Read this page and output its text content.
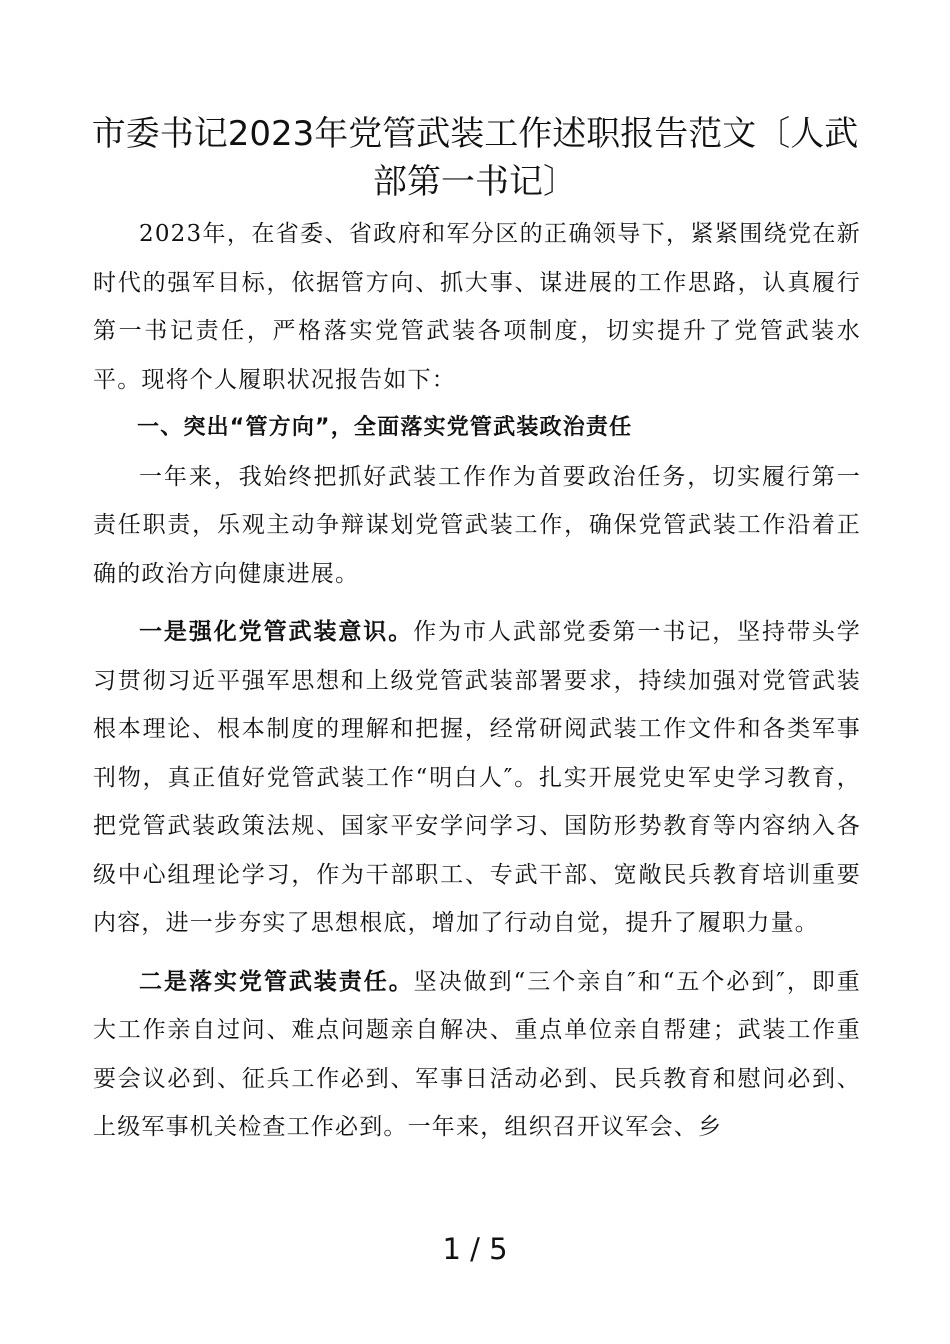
市委书记2023年党管武装工作述职报告范文〔人武部第一书记〕

2023年，在省委、省政府和军分区的正确领导下，紧紧围绕党在新时代的强军目标，依据管方向、抓大事、谋进展的工作思路，认真履行第一书记责任，严格落实党管武装各项制度，切实提升了党管武装水平。现将个人履职状况报告如下：

一、突出“管方向”，全面落实党管武装政治责任

一年来，我始终把抓好武装工作作为首要政治任务，切实履行第一责任职责，乐观主动争辩谋划党管武装工作，确保党管武装工作沿着正确的政治方向健康进展。

一是强化党管武装意识。作为市人武部党委第一书记，坚持带头学习贯彻习近平强军思想和上级党管武装部署要求，持续加强对党管武装根本理论、根本制度的理解和把握，经常研阅武装工作文件和各类军事刊物，真正值好党管武装工作“明白人″。扎实开展党史军史学习教育，把党管武装政策法规、国家平安学问学习、国防形势教育等内容纳入各级中心组理论学习，作为干部职工、专武干部、宽敞民兵教育培训重要内容，进一步夯实了思想根底，增加了行动自觉，提升了履职力量。

二是落实党管武装责任。坚决做到“三个亲自″和“五个必到″，即重大工作亲自过问、难点问题亲自解决、重点单位亲自帮建；武装工作重要会议必到、征兵工作必到、军事日活动必到、民兵教育和慰问必到、上级军事机关检查工作必到。一年来，组织召开议军会、乡

1 / 5
